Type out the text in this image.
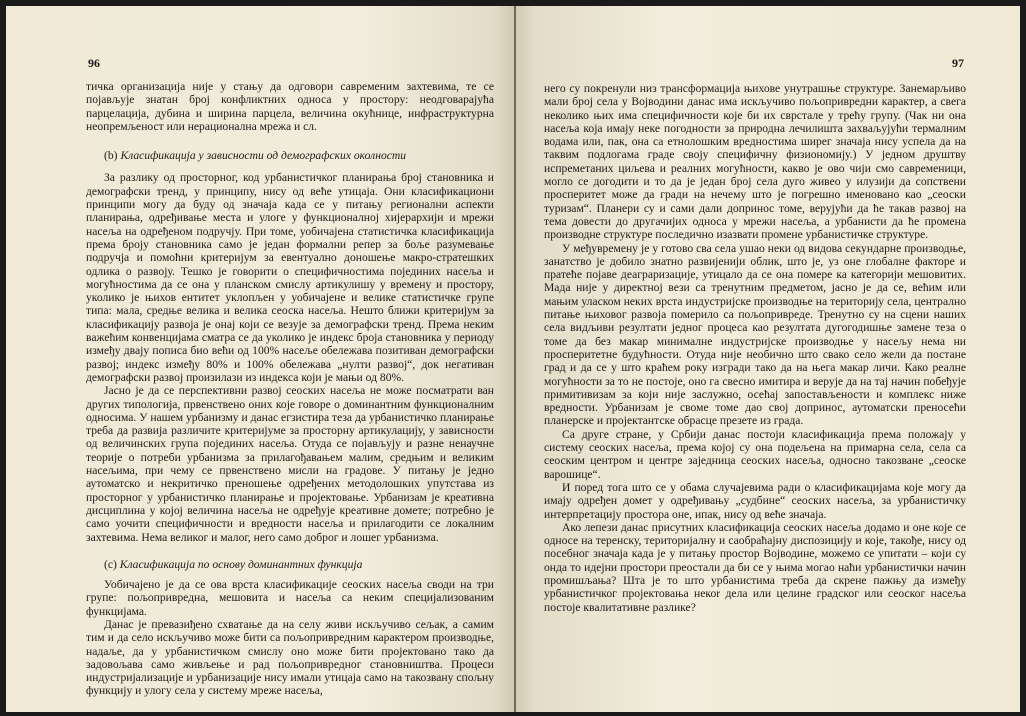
96

тичка организација није у стању да одговори савременим захтевима, те се појављује знатан број конфликтних односа у простору: неодговарајућа парцелација, дубина и ширина парцела, величина окућнице, инфраструктурна неопремљеност или нерационална мрежа и сл.

(b) Класификација у зависности од демографских околности

За разлику од просторног, код урбанистичког планирања број становника и демографски тренд, у принципу, нису од веће утицаја. Они класификациони принципи могу да буду од значаја када се у питању регионални аспекти планирања, одређивање места и улоге у функционалној хијерархији и мрежи насеља на одређеном подручју. При томе, уобичајена статистичка класификација према броју становника само је један формални репер за боље разумевање подручја и помоћни критеријум за евентуално доношење макро-стратешких одлика о развоју. Тешко је говорити о специфичностима појединих насеља и могућностима да се она у планском смислу артикулишу у времену и простору, уколико је њихов ентитет уклопљен у уобичајене и велике статистичке групе типа: мала, средње велика и велика сеоска насеља. Нешто ближи критеријум за класификацију развоја је онај који се везује за демографски тренд. Према неким важећим конвенцијама сматра се да уколико је индекс броја становника у периоду између двају пописа био већи од 100% насеље обележава позитиван демографски развој; индекс између 80% и 100% обележава „нулти развој“, док негативан демографски развој произилази из индекса који је мањи од 80%.

Јасно је да се перспективни развој сеоских насеља не може посматрати ван других типологија, првенствено оних које говоре о доминантним функционалним односима. У нашем урбанизму и данас егзистира теза да урбанистичко планирање треба да развија различите критеријуме за просторну артикулацију, у зависности од величинских група појединих насеља. Отуда се појављују и разне ненаучне теорије о потреби урбанизма за прилагођавањем малим, средњим и великим насељима, при чему се првенствено мисли на градове. У питању је једно аутоматско и некритичко преношење одређених методолошких упутстава из просторног у урбанистичко планирање и пројектовање. Урбанизам је креативна дисциплина у којој величина насеља не одређује креативне домете; потребно је само уочити специфичности и вредности насеља и прилагодити се локалним захтевима. Нема великог и малог, него само доброг и лошег урбанизма.

(c) Класификација по основу доминантних функција

Уобичајено је да се ова врста класификације сеоских насеља своди на три групе: пољопривредна, мешовита и насеља са неким специјализованим функцијама.

Данас је превазиђено схватање да на селу живи искључиво сељак, а самим тим и да село искључиво може бити са пољопривредним карактером производње, надаље, да у урбанистичком смислу оно може бити пројектовано тако да задовољава само живљење и рад пољопривредног становништва. Процеси индустријализације и урбанизације нису имали утицаја само на такозвану спољну функцију и улогу села у систему мреже насеља,

97

него су покренули низ трансформација њихове унутрашње структуре. Занемарљиво мали број села у Војводини данас има искључиво пољопривредни карактер, а свега неколико њих има специфичности које би их сврстале у трећу групу. (Чак ни она насеља која имају неке погодности за природна лечилишта захваљујући термалним водама или, пак, она са етнолошким вредностима ширег значаја нису успела да на таквим подлогама граде своју специфичну физиономију.) У једном друштву испреметаних циљева и реалних могућности, какво је ово чији смо савременици, могло се догодити и то да је један број села дуго живео у илузији да сопствени просперитет може да гради на нечему што је погрешно именовано као „сеоски туризам“. Планери су и сами дали допринос томе, верујући да ће такав развој на тема довести до другачијих односа у мрежи насеља, а урбанисти да ће промена производне структуре последично изазвати промене урбанистичке структуре.

У међувремену је у готово сва села ушао неки од видова секундарне производње, занатство је добило знатно развијенији облик, што је, уз оне глобалне факторе и пратеће појаве деаграризације, утицало да се она помере ка категорији мешовитих. Мада није у директној вези са тренутним предметом, јасно је да се, већим или мањим уласком неких врста индустријске производње на територију села, централно питање њиховог развоја померило са пољопривреде. Тренутно су на сцени наших села видљиви резултати једног процеса као резултата дугогодишње замене теза о томе да без макар минималне индустријске производње у насељу нема ни просперитетне будућности. Отуда није необично што свако село жели да постане град и да се у што краћем року изгради тако да на њега макар личи. Како реалне могућности за то не постоје, оно га свесно имитира и верује да на тај начин побеђује примитивизам за који није заслужно, осећај запостављености и комплекс ниже вредности. Урбанизам је своме томе дао свој допринос, аутоматски преносећи планерске и пројектантске обрасце презете из града.

Са друге стране, у Србији данас постоји класификација према положају у систему сеоских насеља, према којој су она подељена на примарна села, села са сеоским центром и центре заједница сеоских насеља, односно такозване „сеоске варошице“.

И поред тога што се у обама случајевима ради о класификацијама које могу да имају одређен домет у одређивању „судбине“ сеоских насеља, за урбанистичку интерпретацију простора оне, ипак, нису од веће значаја.

Ако лепези данас присутних класификација сеоских насеља додамо и оне које се односе на теренску, територијалну и саобраћајну диспозицију и које, такође, нису од посебног значаја када је у питању простор Војводине, можемо се упитати – који су онда то идејни простори преостали да би се у њима могао наћи урбанистички начин промишљања? Шта је то што урбанистима треба да скрене пажњу да између урбанистичког пројектовања некоr дела или целине градског или сеоског насеља постоје квалитативне разлике?
